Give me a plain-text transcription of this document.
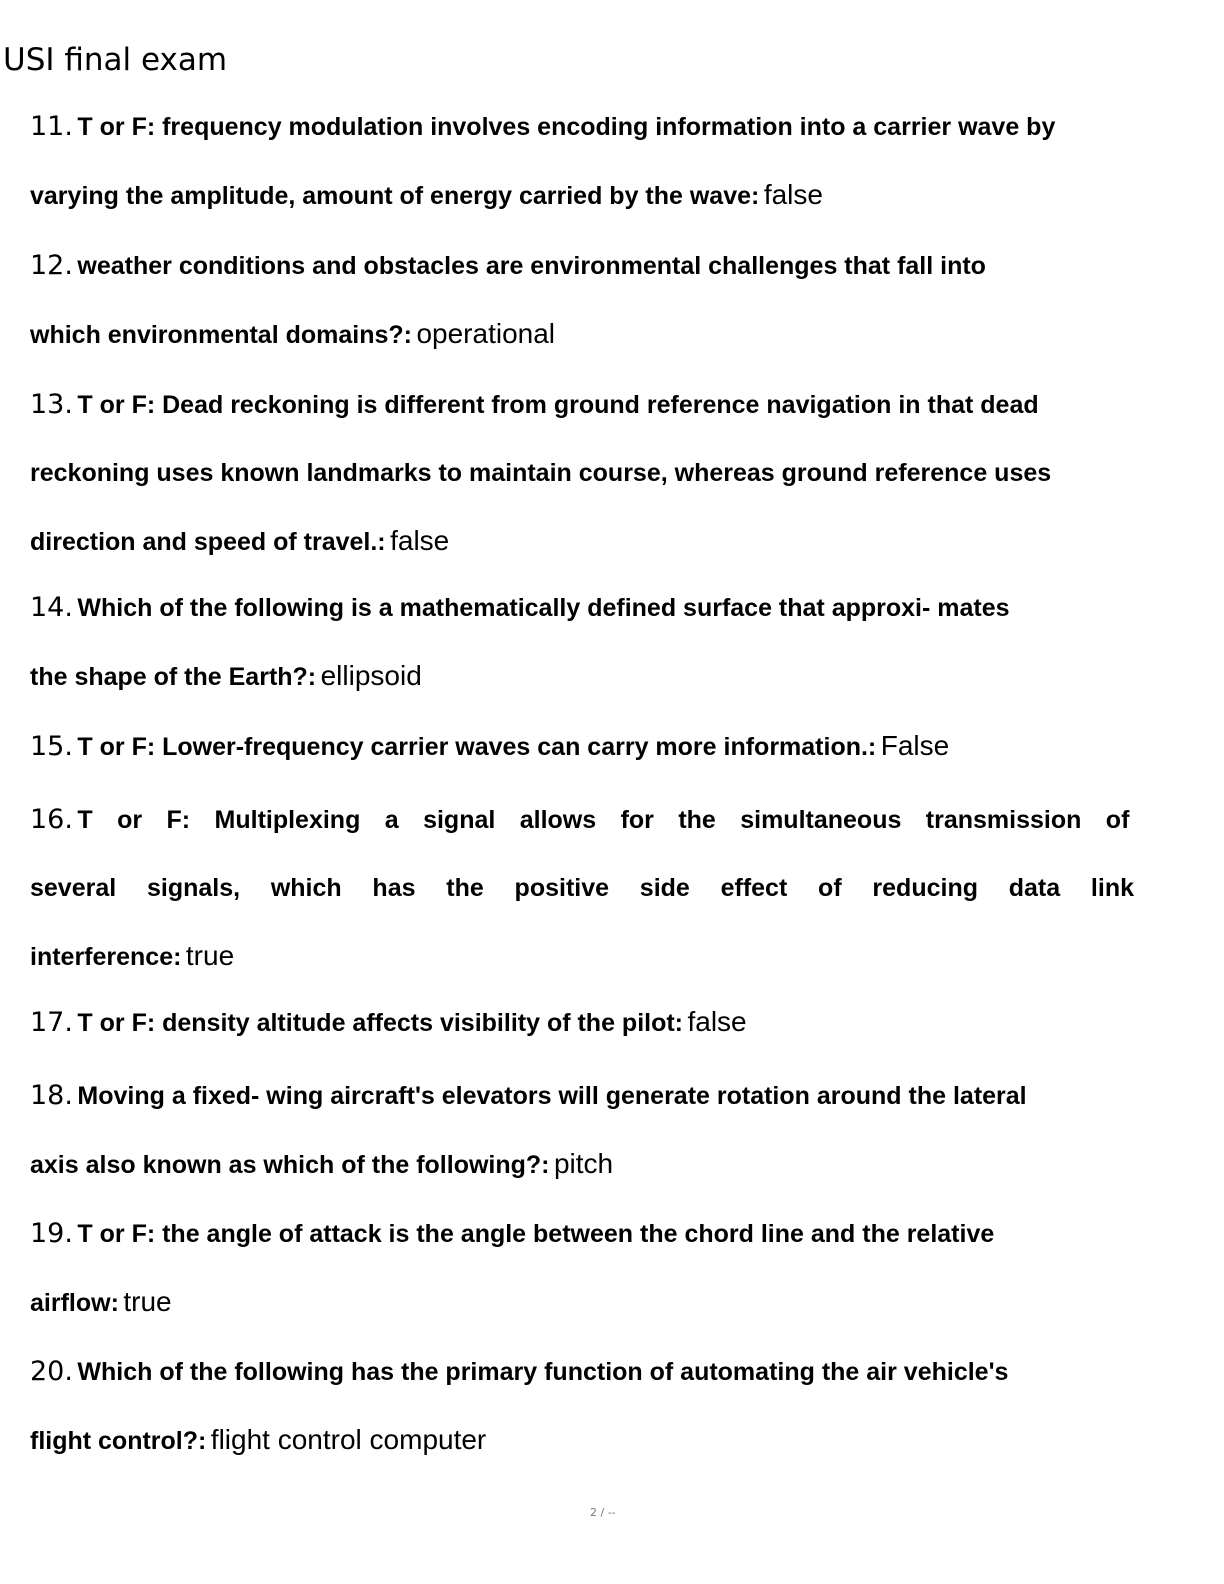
USI final exam
11. T or F: frequency modulation involves encoding information into a carrier wave by
varying the amplitude, amount of energy carried by the wave: false
12. weather conditions and obstacles are environmental challenges that fall into
which environmental domains?: operational
13. T or F: Dead reckoning is different from ground reference navigation in that dead
reckoning uses known landmarks to maintain course, whereas ground reference uses
direction and speed of travel.: false
14. Which of the following is a mathematically defined surface that approxi- mates
the shape of the Earth?: ellipsoid
15. T or F: Lower-frequency carrier waves can carry more information.: False
16. T or F: Multiplexing a signal allows for the simultaneous transmission of
several signals, which has the positive side effect of reducing data link
interference: true
17. T or F: density altitude affects visibility of the pilot: false
18. Moving a fixed- wing aircraft's elevators will generate rotation around the lateral
axis also known as which of the following?: pitch
19. T or F: the angle of attack is the angle between the chord line and the relative
airflow: true
20. Which of the following has the primary function of automating the air vehicle's
flight control?: flight control computer
2 / --
